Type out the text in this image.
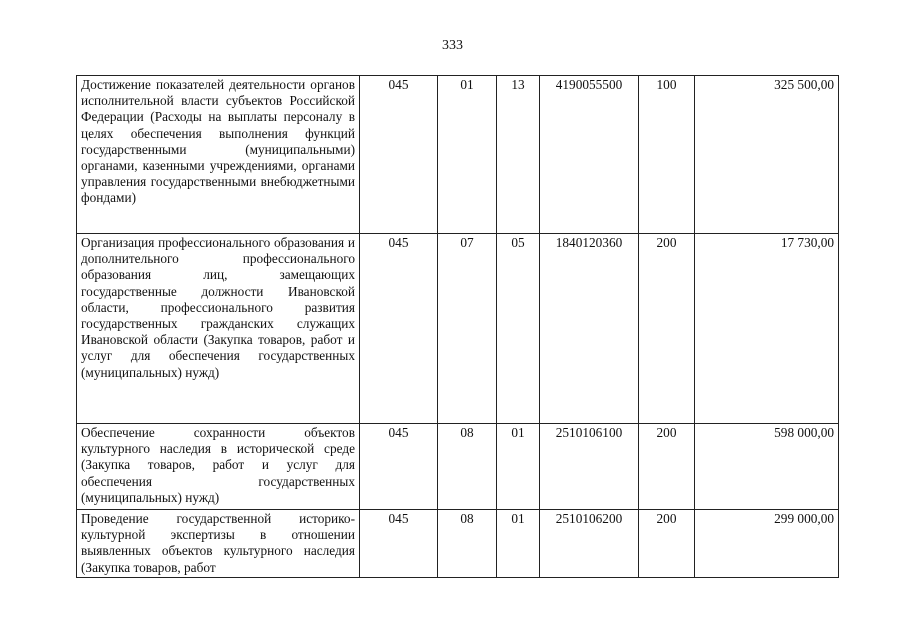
333
Достижение показателей деятельности органов исполнительной власти субъектов Российской Федерации (Расходы на выплаты персоналу в целях обеспечения выполнения функций государственными (муниципальными) органами, казенными учреждениями, органами управления государственными внебюджетными фондами)	045	01	13	4190055500	100	325 500,00
Организация профессионального образования и дополнительного профессионального образования лиц, замещающих государственные должности Ивановской области, профессионального развития государственных гражданских служащих Ивановской области (Закупка товаров, работ и услуг для обеспечения государственных (муниципальных) нужд)	045	07	05	1840120360	200	17 730,00
Обеспечение сохранности объектов культурного наследия в исторической среде (Закупка товаров, работ и услуг для обеспечения государственных (муниципальных) нужд)	045	08	01	2510106100	200	598 000,00
Проведение государственной историко-культурной экспертизы в отношении выявленных объектов культурного наследия (Закупка товаров, работ	045	08	01	2510106200	200	299 000,00
